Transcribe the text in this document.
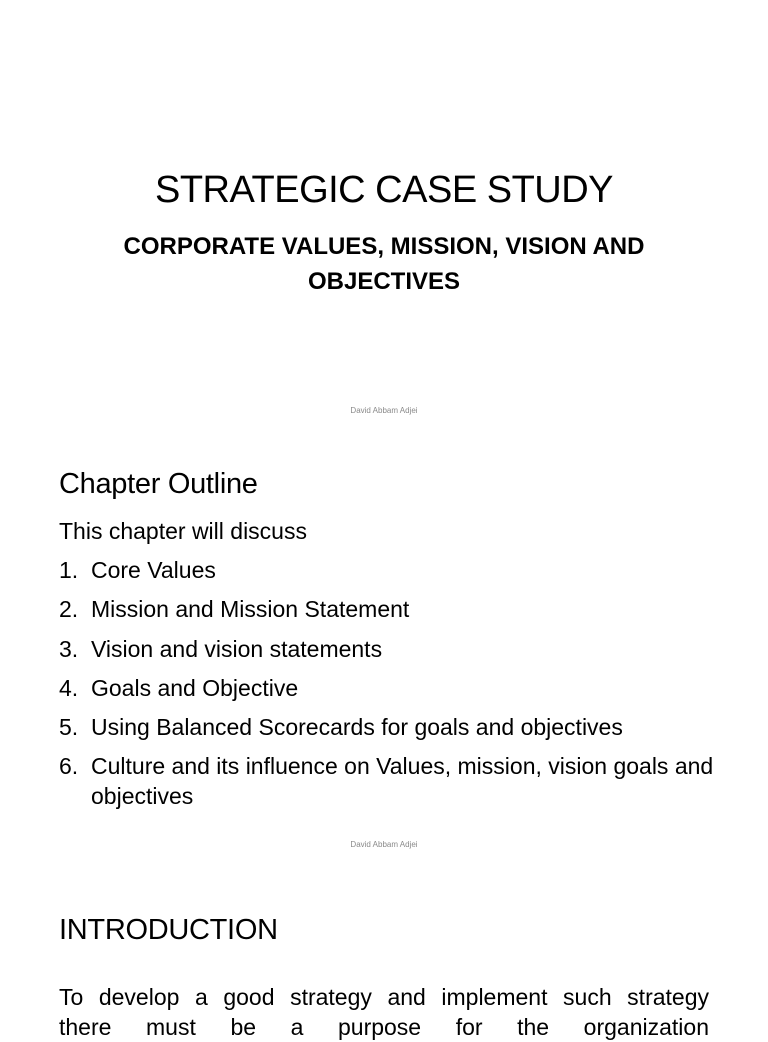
STRATEGIC CASE STUDY
CORPORATE VALUES, MISSION, VISION AND OBJECTIVES
David Abbam Adjei
Chapter Outline
This chapter will discuss
1. Core Values
2. Mission and Mission Statement
3. Vision and vision statements
4. Goals and Objective
5. Using Balanced Scorecards for goals and objectives
6. Culture and its influence on Values, mission, vision goals and objectives
David Abbam Adjei
INTRODUCTION
To develop a good strategy and implement such strategy there must be a purpose for the organization
